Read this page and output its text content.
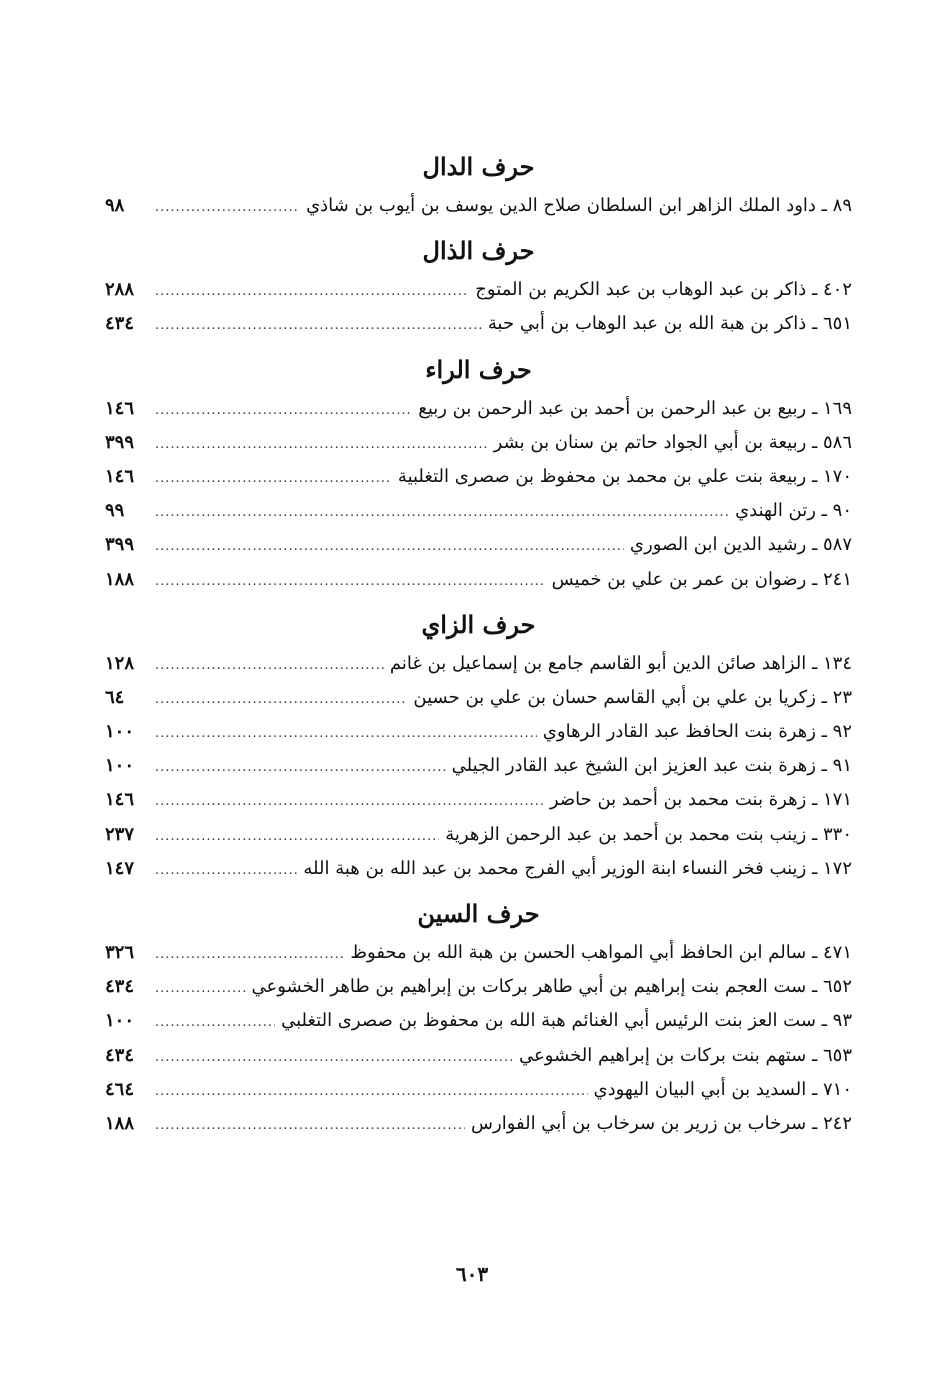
حرف الدال
٨٩ ـ داود الملك الزاهر ابن السلطان صلاح الدين يوسف بن أيوب بن شاذي
.....
٩٨
حرف الذال
٤٠٢ ـ ذاكر بن عبد الوهاب بن عبد الكريم بن المتوج
.....
٢٨٨
٦٥١ ـ ذاكر بن هبة الله بن عبد الوهاب بن أبي حبة
.....
٤٣٤
حرف الراء
١٦٩ ـ ربيع بن عبد الرحمن بن أحمد بن عبد الرحمن بن ربيع
.....
١٤٦
٥٨٦ ـ ربيعة بن أبي الجواد حاتم بن سنان بن بشر
.....
٣٩٩
١٧٠ ـ ربيعة بنت علي بن محمد بن محفوظ بن صصرى التغلبية
.....
١٤٦
٩٠ ـ رتن الهندي
.....
٩٩
٥٨٧ ـ رشيد الدين ابن الصوري
.....
٣٩٩
٢٤١ ـ رضوان بن عمر بن علي بن خميس
.....
١٨٨
حرف الزاي
١٣٤ ـ الزاهد صائن الدين أبو القاسم جامع بن إسماعيل بن غانم
.....
١٢٨
٢٣ ـ زكريا بن علي بن أبي القاسم حسان بن علي بن حسين
.....
٦٤
٩٢ ـ زهرة بنت الحافظ عبد القادر الرهاوي
.....
١٠٠
٩١ ـ زهرة بنت عبد العزيز ابن الشيخ عبد القادر الجيلي
.....
١٠٠
١٧١ ـ زهرة بنت محمد بن أحمد بن حاضر
.....
١٤٦
٣٣٠ ـ زينب بنت محمد بن أحمد بن عبد الرحمن الزهرية
.....
٢٣٧
١٧٢ ـ زينب فخر النساء ابنة الوزير أبي الفرج محمد بن عبد الله بن هبة الله
.....
١٤٧
حرف السين
٤٧١ ـ سالم ابن الحافظ أبي المواهب الحسن بن هبة الله بن محفوظ
.....
٣٢٦
٦٥٢ ـ ست العجم بنت إبراهيم بن أبي طاهر بركات بن إبراهيم بن طاهر الخشوعي
.....
٤٣٤
٩٣ ـ ست العز بنت الرئيس أبي الغنائم هبة الله بن محفوظ بن صصرى التغلبي
.....
١٠٠
٦٥٣ ـ ستهم بنت بركات بن إبراهيم الخشوعي
.....
٤٣٤
٧١٠ ـ السديد بن أبي البيان اليهودي
.....
٤٦٤
٢٤٢ ـ سرخاب بن زرير بن سرخاب بن أبي الفوارس
.....
١٨٨
٦٠٣
